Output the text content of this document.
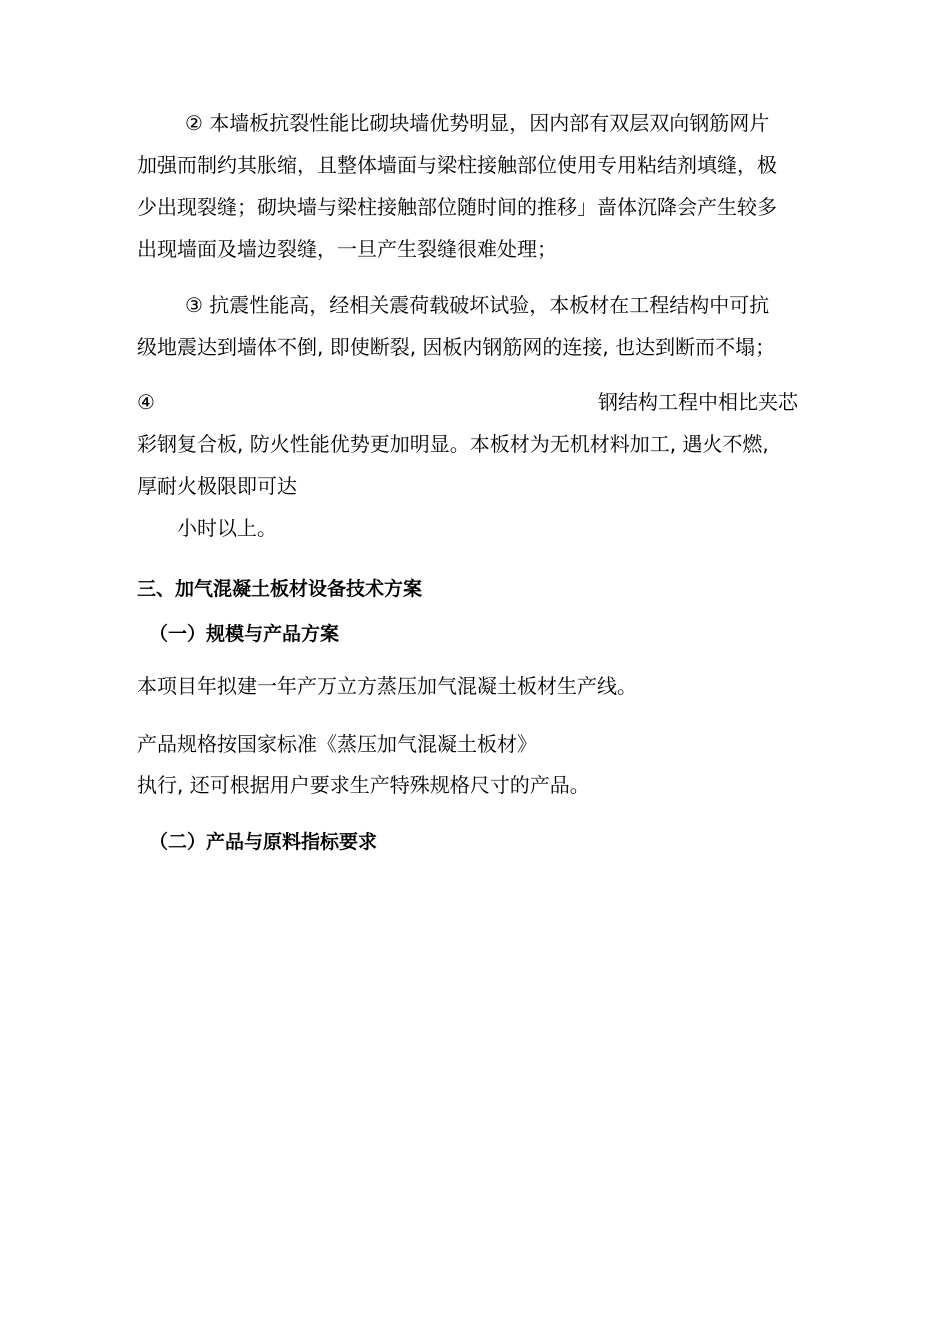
② 本墙板抗裂性能比砌块墙优势明显，因内部有双层双向钢筋网片
加强而制约其胀缩，且整体墙面与梁柱接触部位使用专用粘结剂填缝，极
少出现裂缝；砌块墙与梁柱接触部位随时间的推移」啬体沉降会产生较多
出现墙面及墙边裂缝，一旦产生裂缝很难处理；
③ 抗震性能高，经相关震荷载破坏试验，本板材在工程结构中可抗
级地震达到墙体不倒, 即使断裂, 因板内钢筋网的连接, 也达到断而不塌；
④	钢结构工程中相比夹芯
彩钢复合板, 防火性能优势更加明显。本板材为无机材料加工, 遇火不燃,
厚耐火极限即可达
小时以上。
三、加气混凝土板材设备技术方案
（一）规模与产品方案
本项目年拟建一年产万立方蒸压加气混凝土板材生产线。
产品规格按国家标准《蒸压加气混凝土板材》
执行, 还可根据用户要求生产特殊规格尺寸的产品。
（二）产品与原料指标要求
